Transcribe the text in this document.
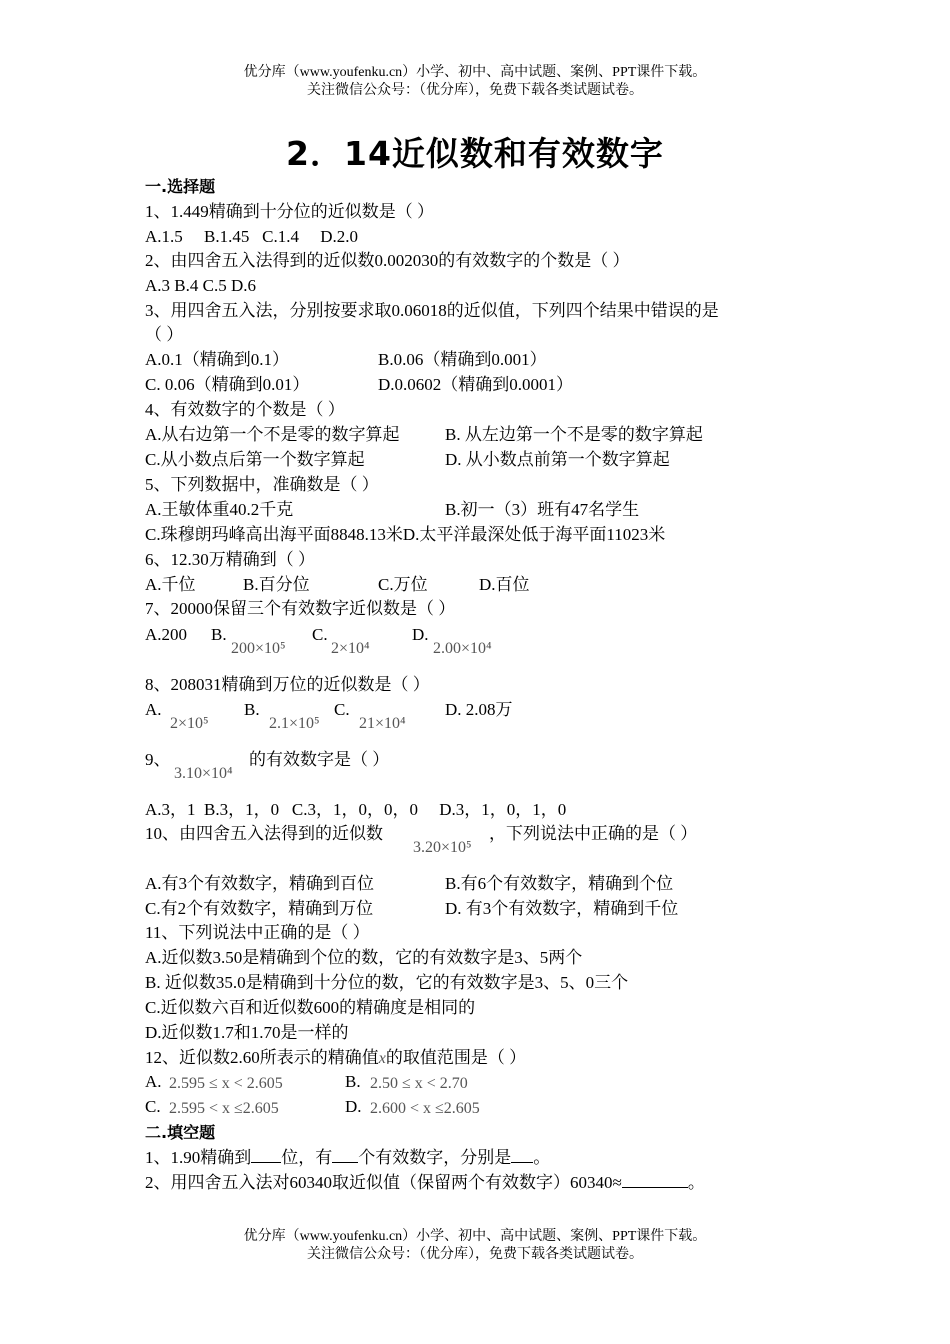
优分库（www.youfenku.cn）小学、初中、高中试题、案例、PPT课件下载。
关注微信公众号：（优分库），免费下载各类试题试卷。
2．14近似数和有效数字
一.选择题
1、1.449精确到十分位的近似数是（ ）
A.1.5     B.1.45   C.1.4     D.2.0
2、由四舍五入法得到的近似数0.002030的有效数字的个数是（ ）
A.3 B.4 C.5 D.6
3、用四舍五入法，分别按要求取0.06018的近似值，下列四个结果中错误的是
（ ）
A.0.1（精确到0.1）	B.0.06（精确到0.001）
C. 0.06（精确到0.01）	D.0.0602（精确到0.0001）
4、有效数字的个数是（ ）
A.从右边第一个不是零的数字算起	B. 从左边第一个不是零的数字算起
C.从小数点后第一个数字算起	D. 从小数点前第一个数字算起
5、下列数据中，准确数是（ ）
A.王敏体重40.2千克	B.初一（3）班有47名学生
C.珠穆朗玛峰高出海平面8848.13米D.太平洋最深处低于海平面11023米
6、12.30万精确到（ ）
A.千位	B.百分位	C.万位	D.百位
7、20000保留三个有效数字近似数是（ ）
A.200 B.
200×10⁵
C.
2×10⁴
D.
2.00×10⁴
8、208031精确到万位的近似数是（ ）
A.
2×10⁵
B.
2.1×10⁵
C.
21×10⁴
D. 2.08万
9、
3.10×10⁴
的有效数字是（ ）
A.3，1  B.3，1，0   C.3，1，0，0，0     D.3，1，0，1，0
10、由四舍五入法得到的近似数
3.20×10⁵
，下列说法中正确的是（ ）
A.有3个有效数字，精确到百位	B.有6个有效数字，精确到个位
C.有2个有效数字，精确到万位	D. 有3个有效数字，精确到千位
11、下列说法中正确的是（ ）
A.近似数3.50是精确到个位的数，它的有效数字是3、5两个
B. 近似数35.0是精确到十分位的数，它的有效数字是3、5、0三个
C.近似数六百和近似数600的精确度是相同的
D.近似数1.7和1.70是一样的
12、近似数2.60所表示的精确值x的取值范围是（ ）
A. 2.595 ≤ x < 2.605	B. 2.50 ≤ x < 2.70
C. 2.595 < x ≤2.605	D. 2.600 < x ≤2.605
二.填空题
1、1.90精确到 位，有 个有效数字，分别是 。
2、用四舍五入法对60340取近似值（保留两个有效数字）60340≈	。
优分库（www.youfenku.cn）小学、初中、高中试题、案例、PPT课件下载。
关注微信公众号：（优分库），免费下载各类试题试卷。
